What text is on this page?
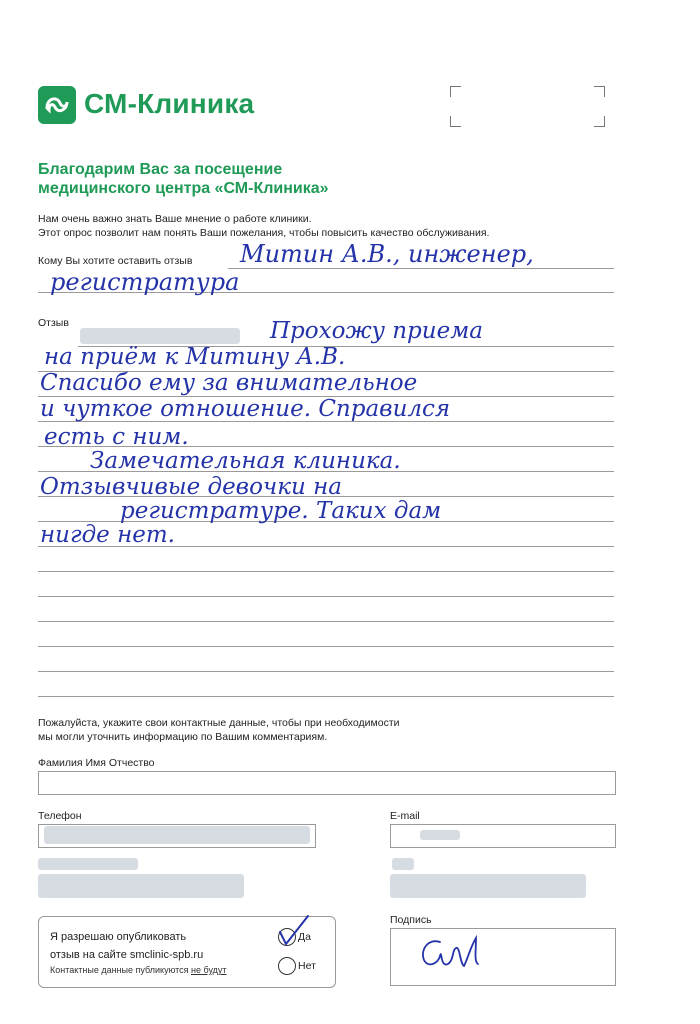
СМ-Клиника
Благодарим Вас за посещение
медицинского центра «СМ-Клиника»
Нам очень важно знать Ваше мнение о работе клиники.
Этот опрос позволит нам понять Ваши пожелания, чтобы повысить качество обслуживания.
Кому Вы хотите оставить отзыв Митин А.В., инженер,
регистратура
Отзыв	Прохожу приема
на приём к Митину А.В.
Спасибо ему за внимательное
и чуткое отношение. Справился
есть с ним.
Замечательная клиника.
Отзывчивые девочки на
регистратуре. Таких дам
нигде нет.
Пожалуйста, укажите свои контактные данные, чтобы при необходимости
мы могли уточнить информацию по Вашим комментариям.
Фамилия Имя Отчество
Телефон	E-mail
Я разрешаю опубликовать
отзыв на сайте smclinic-spb.ru
Контактные данные публикуются не будут
Да
Нет
Подпись
